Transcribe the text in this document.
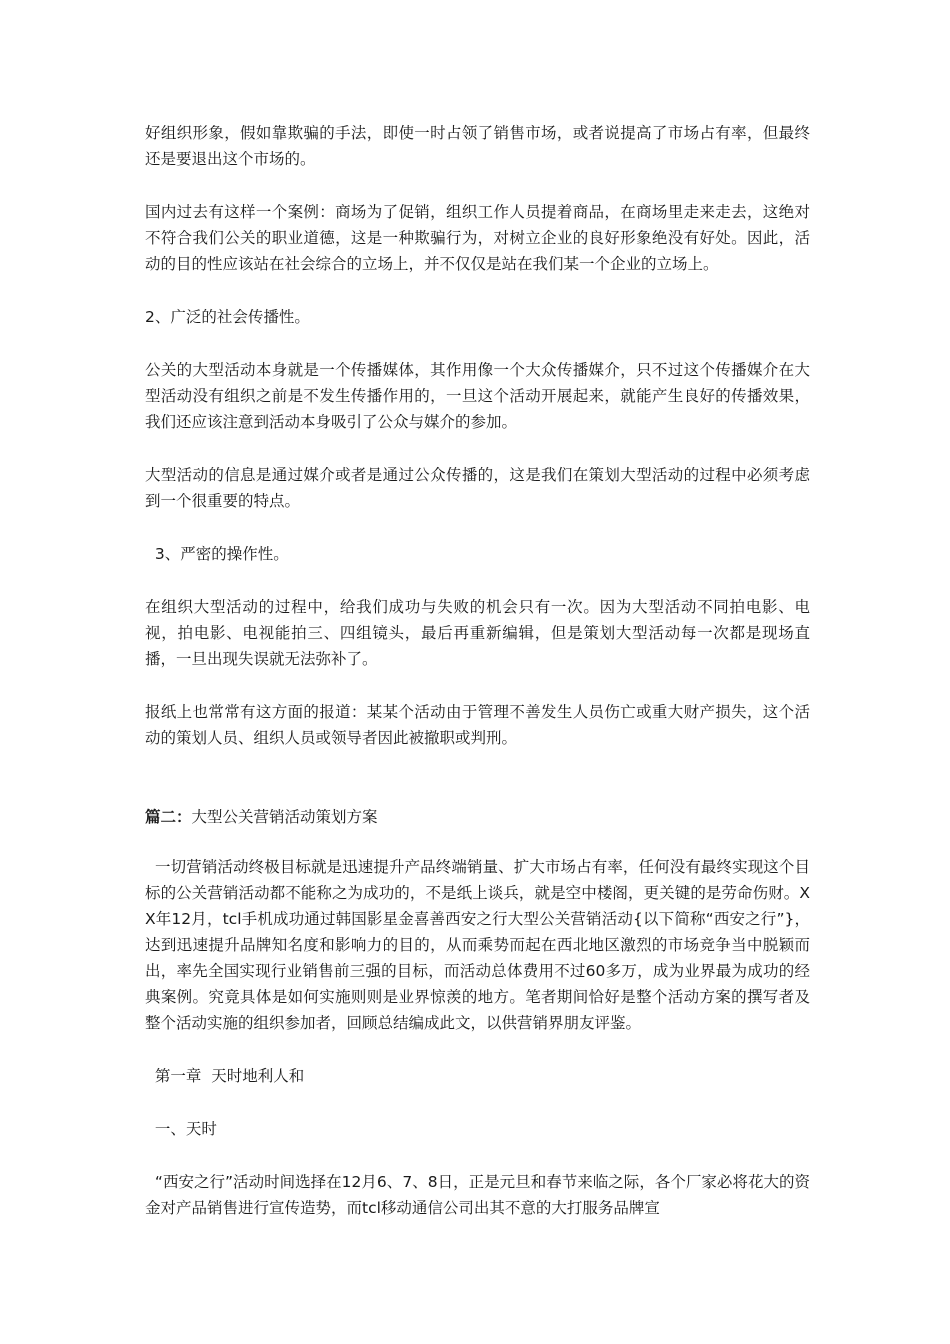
好组织形象，假如靠欺骗的手法，即使一时占领了销售市场，或者说提高了市场占有率，但最终还是要退出这个市场的。

国内过去有这样一个案例：商场为了促销，组织工作人员提着商品，在商场里走来走去，这绝对不符合我们公关的职业道德，这是一种欺骗行为，对树立企业的良好形象绝没有好处。因此，活动的目的性应该站在社会综合的立场上，并不仅仅是站在我们某一个企业的立场上。

2、广泛的社会传播性。

公关的大型活动本身就是一个传播媒体，其作用像一个大众传播媒介，只不过这个传播媒介在大型活动没有组织之前是不发生传播作用的，一旦这个活动开展起来，就能产生良好的传播效果，我们还应该注意到活动本身吸引了公众与媒介的参加。

大型活动的信息是通过媒介或者是通过公众传播的，这是我们在策划大型活动的过程中必须考虑到一个很重要的特点。

3、严密的操作性。

在组织大型活动的过程中，给我们成功与失败的机会只有一次。因为大型活动不同拍电影、电视，拍电影、电视能拍三、四组镜头，最后再重新编辑，但是策划大型活动每一次都是现场直播，一旦出现失误就无法弥补了。

报纸上也常常有这方面的报道：某某个活动由于管理不善发生人员伤亡或重大财产损失，这个活动的策划人员、组织人员或领导者因此被撤职或判刑。

篇二：大型公关营销活动策划方案

一切营销活动终极目标就是迅速提升产品终端销量、扩大市场占有率，任何没有最终实现这个目标的公关营销活动都不能称之为成功的，不是纸上谈兵，就是空中楼阁，更关键的是劳命伤财。XX年12月，tcl手机成功通过韩国影星金喜善西安之行大型公关营销活动{以下简称“西安之行”}，达到迅速提升品牌知名度和影响力的目的，从而乘势而起在西北地区激烈的市场竞争当中脱颖而出，率先全国实现行业销售前三强的目标，而活动总体费用不过60多万，成为业界最为成功的经典案例。究竟具体是如何实施则则是业界惊羡的地方。笔者期间恰好是整个活动方案的撰写者及整个活动实施的组织参加者，回顾总结编成此文，以供营销界朋友评鉴。

第一章  天时地利人和

一、天时

“西安之行”活动时间选择在12月6、7、8日，正是元旦和春节来临之际，各个厂家必将花大的资金对产品销售进行宣传造势，而tcl移动通信公司出其不意的大打服务品牌宣
